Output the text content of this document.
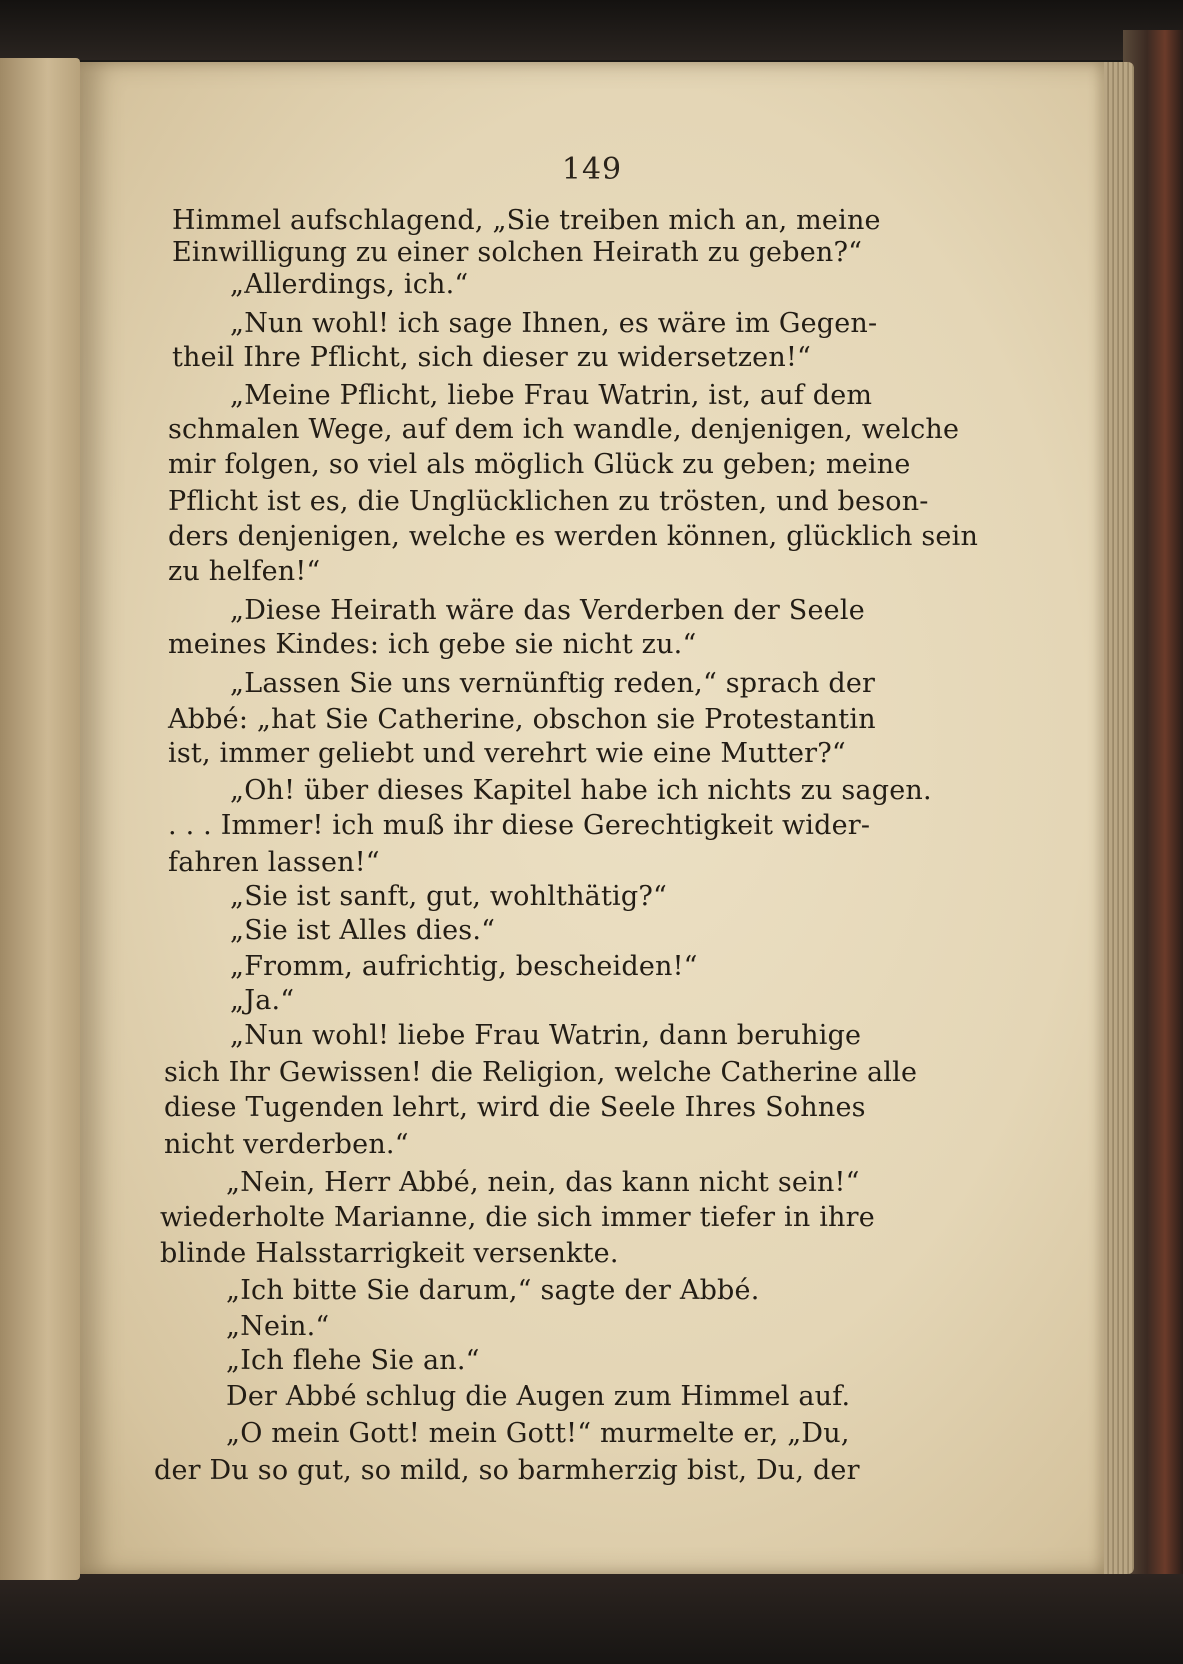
149
Himmel aufschlagend, „Sie treiben mich an, meine
Einwilligung zu einer solchen Heirath zu geben?“
„Allerdings, ich.“
„Nun wohl! ich sage Ihnen, es wäre im Gegen-
theil Ihre Pflicht, sich dieser zu widersetzen!“
„Meine Pflicht, liebe Frau Watrin, ist, auf dem
schmalen Wege, auf dem ich wandle, denjenigen, welche
mir folgen, so viel als möglich Glück zu geben; meine
Pflicht ist es, die Unglücklichen zu trösten, und beson-
ders denjenigen, welche es werden können, glücklich sein
zu helfen!“
„Diese Heirath wäre das Verderben der Seele
meines Kindes: ich gebe sie nicht zu.“
„Lassen Sie uns vernünftig reden,“ sprach der
Abbé: „hat Sie Catherine, obschon sie Protestantin
ist, immer geliebt und verehrt wie eine Mutter?“
„Oh! über dieses Kapitel habe ich nichts zu sagen.
. . . Immer! ich muß ihr diese Gerechtigkeit wider-
fahren lassen!“
„Sie ist sanft, gut, wohlthätig?“
„Sie ist Alles dies.“
„Fromm, aufrichtig, bescheiden!“
„Ja.“
„Nun wohl! liebe Frau Watrin, dann beruhige
sich Ihr Gewissen! die Religion, welche Catherine alle
diese Tugenden lehrt, wird die Seele Ihres Sohnes
nicht verderben.“
„Nein, Herr Abbé, nein, das kann nicht sein!“
wiederholte Marianne, die sich immer tiefer in ihre
blinde Halsstarrigkeit versenkte.
„Ich bitte Sie darum,“ sagte der Abbé.
„Nein.“
„Ich flehe Sie an.“
Der Abbé schlug die Augen zum Himmel auf.
„O mein Gott! mein Gott!“ murmelte er, „Du,
der Du so gut, so mild, so barmherzig bist, Du, der
